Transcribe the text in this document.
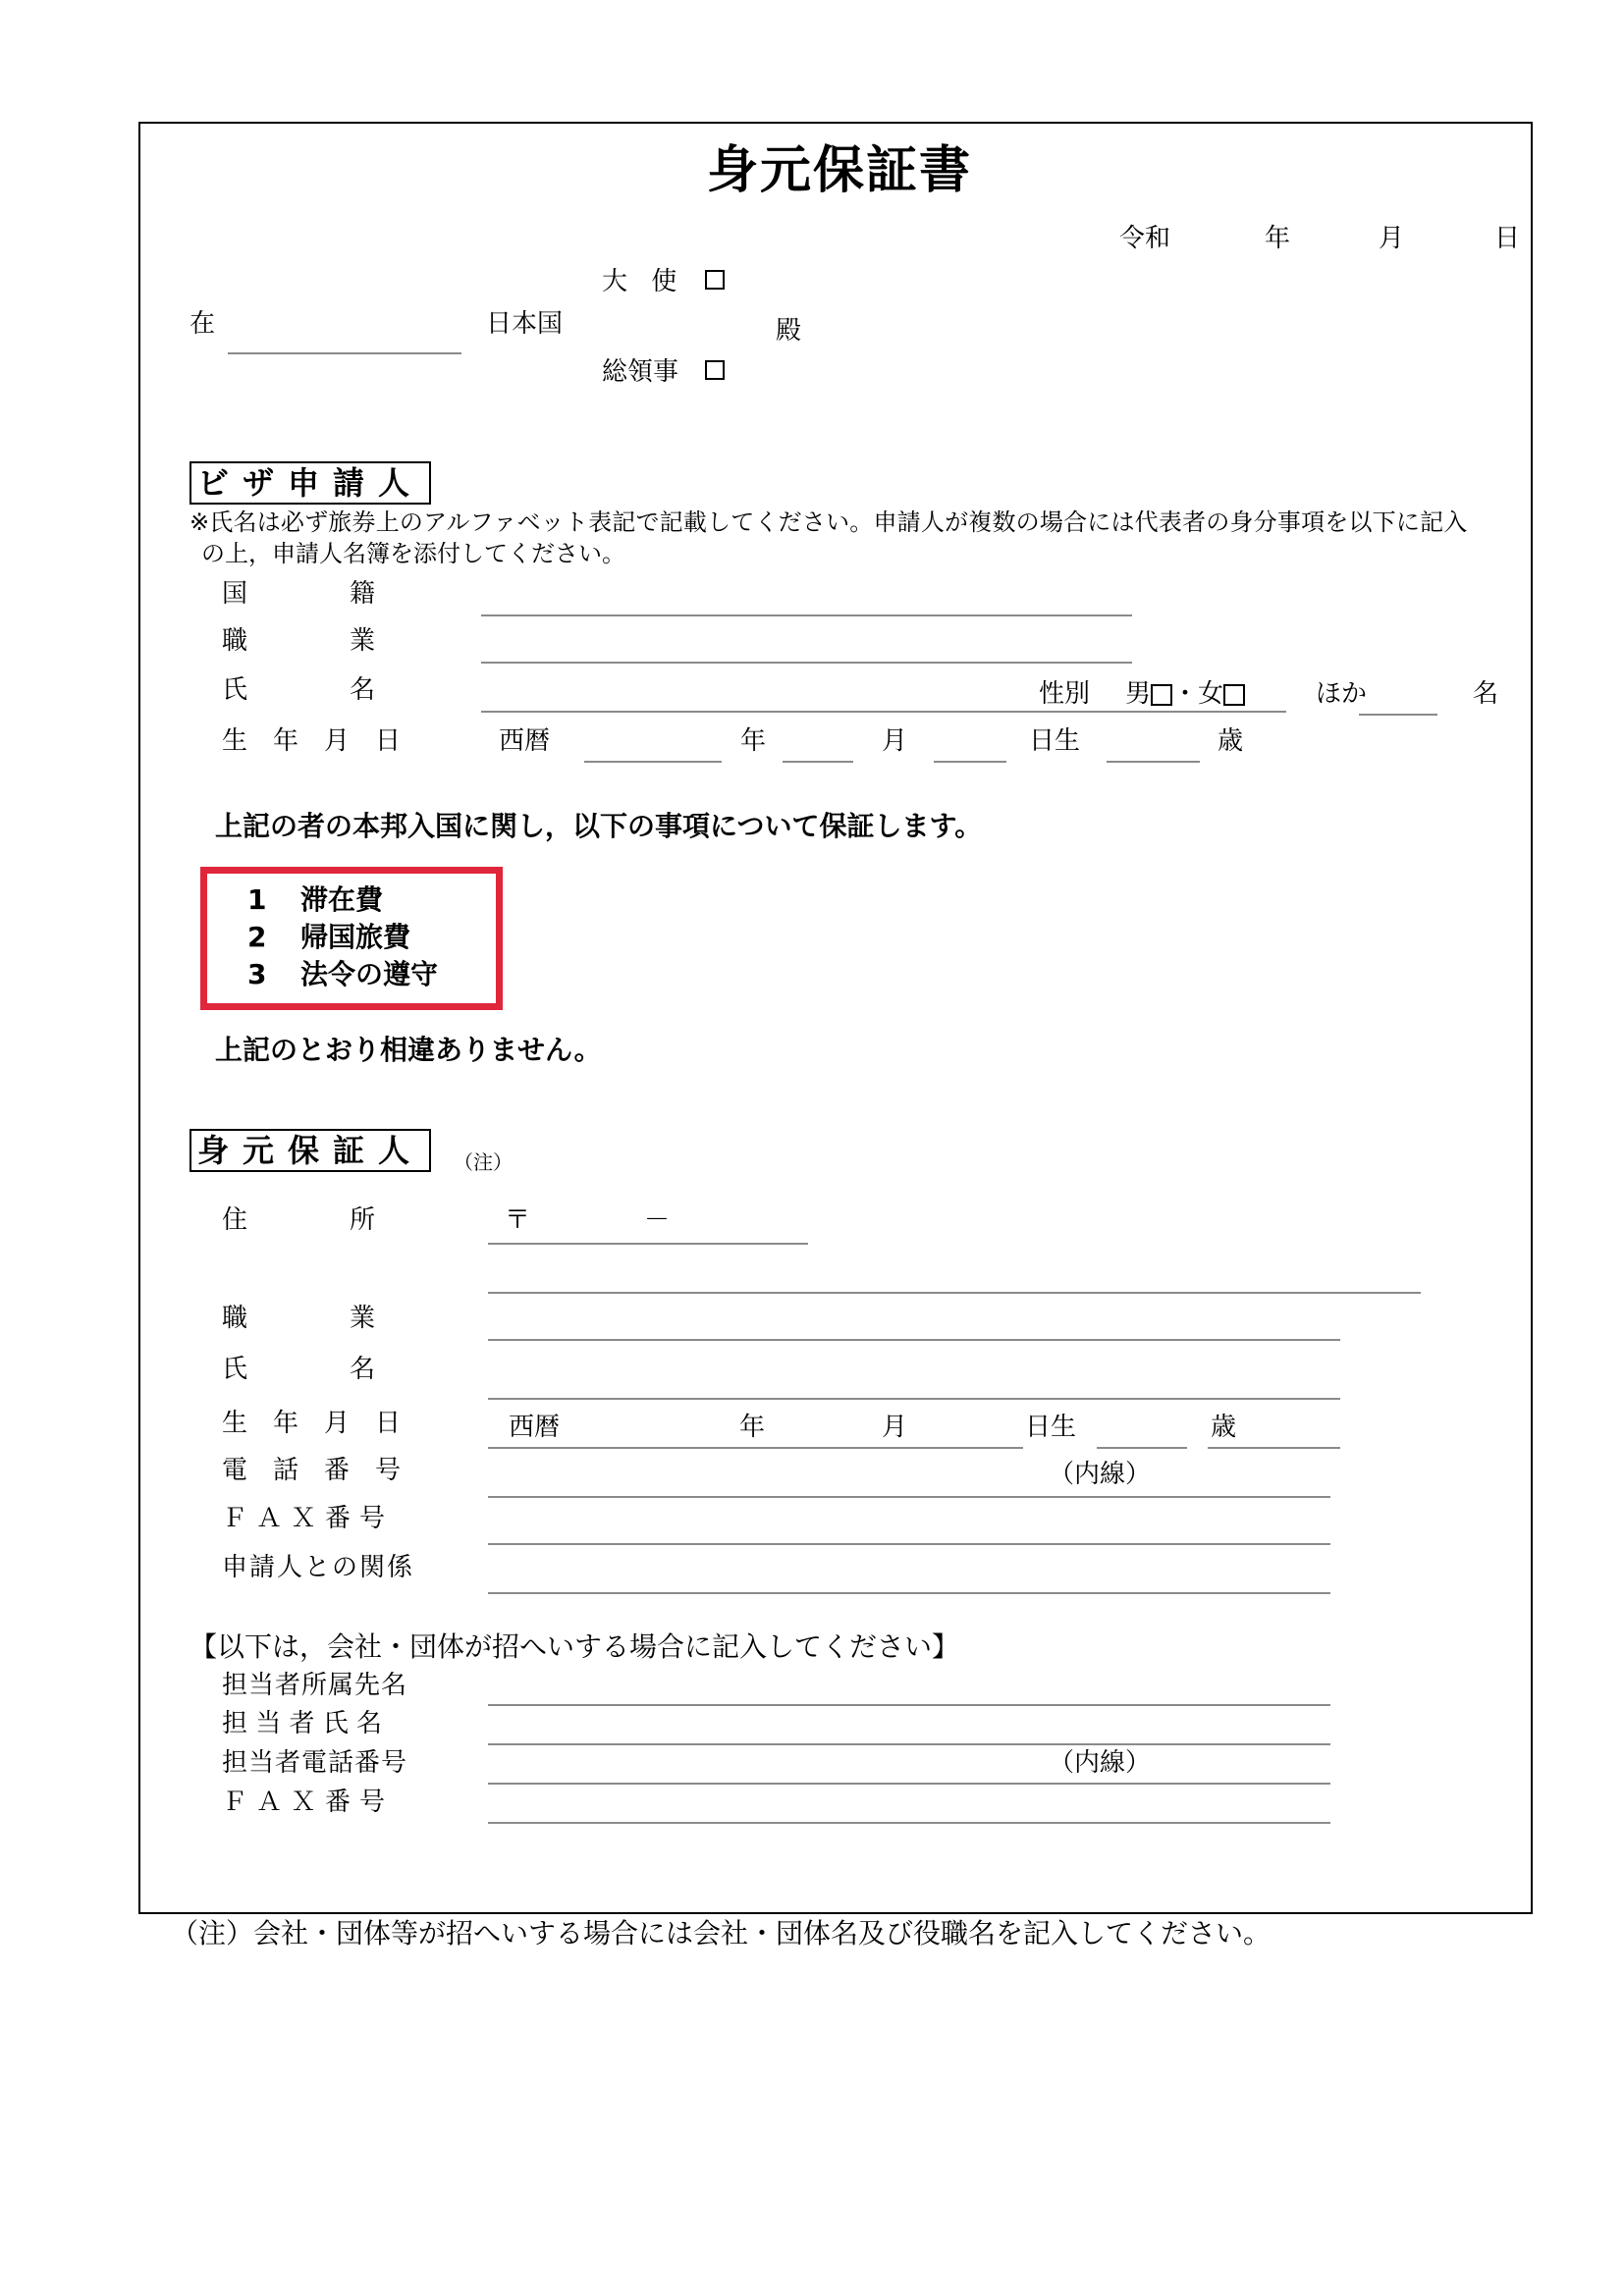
身元保証書
令和	年	月	日
大 使
在	日本国	殿
総領事
ビザ申請人
※氏名は必ず旅券上のアルファベット表記で記載してください。申請人が複数の場合には代表者の身分事項を以下に記入
の上，申請人名簿を添付してください。
国　　　　籍
職　　　　業
氏　　　　名	性別 男 ・女	ほか	名
生　年　月　日	西暦	年	月	日生	歳
上記の者の本邦入国に関し，以下の事項について保証します。
1 滞在費
2 帰国旅費
3 法令の遵守
上記のとおり相違ありません。
身元保証人	（注）
住　　　　所	〒	－
職　　　　業
氏　　　　名
生　年　月　日	西暦	年	月	日生	歳
電　話　番　号	（内線）
ＦＡＸ番号
申請人との関係
【以下は，会社・団体が招へいする場合に記入してください】
担当者所属先名
担 当 者 氏 名
担当者電話番号	（内線）
ＦＡＸ番号
（注）会社・団体等が招へいする場合には会社・団体名及び役職名を記入してください。
